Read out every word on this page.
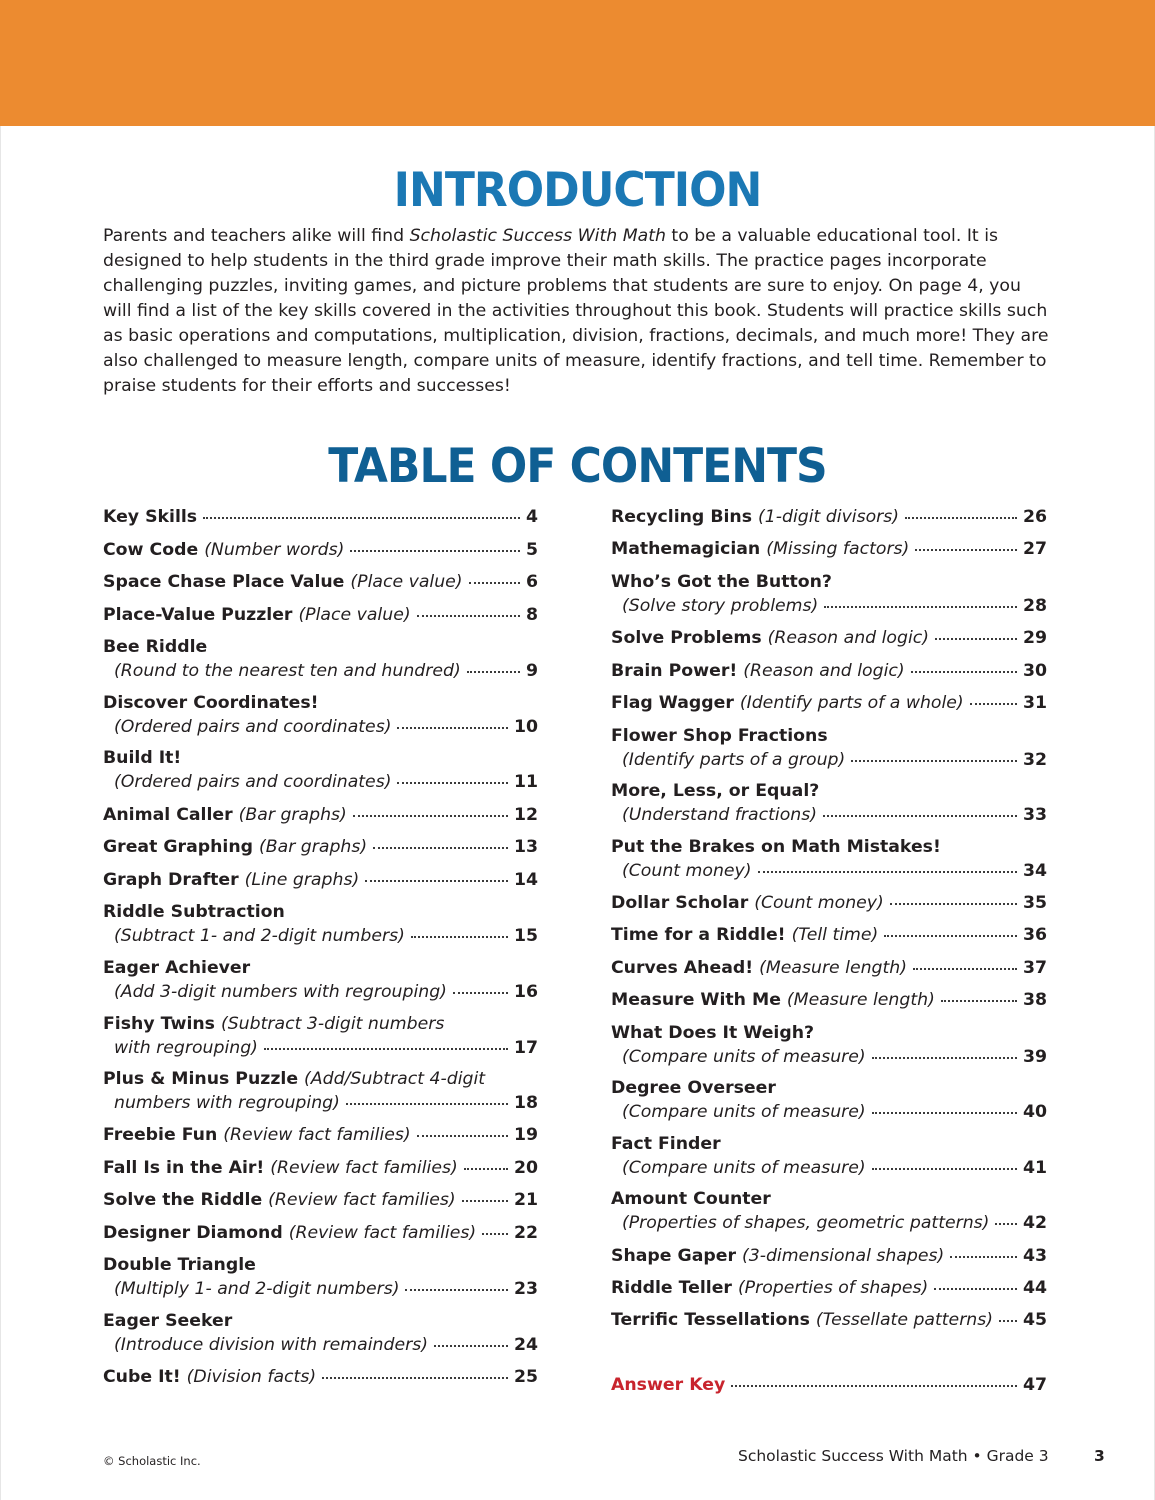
INTRODUCTION

Parents and teachers alike will find Scholastic Success With Math to be a valuable educational tool. It is designed to help students in the third grade improve their math skills. The practice pages incorporate challenging puzzles, inviting games, and picture problems that students are sure to enjoy. On page 4, you will find a list of the key skills covered in the activities throughout this book. Students will practice skills such as basic operations and computations, multiplication, division, fractions, decimals, and much more! They are also challenged to measure length, compare units of measure, identify fractions, and tell time. Remember to praise students for their efforts and successes!

TABLE OF CONTENTS
Key Skills	4
Cow Code (Number words)	5
Space Chase Place Value (Place value)	6
Place-Value Puzzler (Place value)	8
Bee Riddle
(Round to the nearest ten and hundred)	9
Discover Coordinates!
(Ordered pairs and coordinates)	10
Build It!
(Ordered pairs and coordinates)	11
Animal Caller (Bar graphs)	12
Great Graphing (Bar graphs)	13
Graph Drafter (Line graphs)	14
Riddle Subtraction
(Subtract 1- and 2-digit numbers)	15
Eager Achiever
(Add 3-digit numbers with regrouping)	16
Fishy Twins (Subtract 3-digit numbers
with regrouping)	17
Plus & Minus Puzzle (Add/Subtract 4-digit
numbers with regrouping)	18
Freebie Fun (Review fact families)	19
Fall Is in the Air! (Review fact families)	20
Solve the Riddle (Review fact families)	21
Designer Diamond (Review fact families) 22
Double Triangle
(Multiply 1- and 2-digit numbers)	23
Eager Seeker
(Introduce division with remainders)	24
Cube It! (Division facts)	25
Recycling Bins (1-digit divisors)	26
Mathemagician (Missing factors)	27
Who’s Got the Button?
(Solve story problems)	28
Solve Problems (Reason and logic)	29
Brain Power! (Reason and logic)	30
Flag Wagger (Identify parts of a whole)	31
Flower Shop Fractions
(Identify parts of a group)	32
More, Less, or Equal?
(Understand fractions)	33
Put the Brakes on Math Mistakes!
(Count money)	34
Dollar Scholar (Count money)	35
Time for a Riddle! (Tell time)	36
Curves Ahead! (Measure length)	37
Measure With Me (Measure length)	38
What Does It Weigh?
(Compare units of measure)	39
Degree Overseer
(Compare units of measure)	40
Fact Finder
(Compare units of measure)	41
Amount Counter
(Properties of shapes, geometric patterns) 42
Shape Gaper (3-dimensional shapes)	43
Riddle Teller (Properties of shapes)	44
Terrific Tessellations (Tessellate patterns) 45
Answer Key	47
© Scholastic Inc.	Scholastic Success With Math • Grade 3	3
